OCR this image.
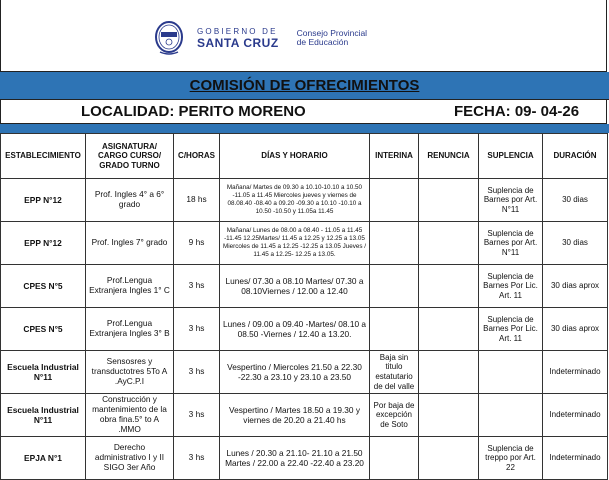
GOBIERNO DE
SANTA CRUZ
Consejo Provincial
de Educación
COMISIÓN DE OFRECIMIENTOS
LOCALIDAD: PERITO MORENO	FECHA: 09- 04-26
ESTABLECIMIENTO	ASIGNATURA/ CARGO CURSO/ GRADO TURNO	C/HORAS	DÍAS Y HORARIO	INTERINA	RENUNCIA	SUPLENCIA	DURACIÓN
EPP N°12	Prof. Ingles 4° a 6° grado	18 hs	Mañana/ Martes de 09.30 a 10.10-10.10 a 10.50 -11.05 a 11.45 Miercoles jueves y viernes de 08.08.40 -08.40 a 09.20 -09.30 a 10.10 -10.10 a 10.50 -10.50 y 11.05a 11.45			Suplencia de Barnes por Art. N°11	30 dias
EPP N°12	Prof. Ingles 7° grado	9 hs	Mañana/ Lunes de 08.00 a 08.40 - 11.05 a 11.45 -11.45 12.25Martes/ 11.45 a 12.25 y 12.25 a 13.05 Miercoles de 11.45 a 12.25 -12.25 a 13.05 Jueves / 11.45 a 12.25- 12.25 a 13.05.			Suplencia de Barnes por Art. N°11	30 dias
CPES N°5	Prof.Lengua Extranjera Ingles 1° C	3 hs	Lunes/ 07.30 a 08.10 Martes/ 07.30 a 08.10Viernes / 12.00 a 12.40			Suplencia de Barnes Por Lic. Art. 11	30 dias aprox
CPES N°5	Prof.Lengua Extranjera Ingles 3° B	3 hs	Lunes / 09.00 a 09.40 -Martes/ 08.10 a 08.50 -Viernes / 12.40 a 13.20.			Suplencia de Barnes Por Lic. Art. 11	30 dias aprox
Escuela Industrial N°11	Sensosres y transductotres 5To A .AyC.P.I	3 hs	Vespertino / Miercoles 21.50 a 22.30 -22.30 a 23.10 y 23.10 a 23.50	Baja sin titulo estatutario de del valle			Indeterminado
Escuela Industrial N°11	Construcción y mantenimiento de la obra fina.5° to A .MMO	3 hs	Vespertino / Martes 18.50 a 19.30 y viernes de 20.20 a 21.40 hs	Por baja de excepción de Soto			Indeterminado
EPJA N°1	Derecho administrativo I y II SIGO 3er Año	3 hs	Lunes / 20.30 a 21.10- 21.10 a 21.50 Martes / 22.00 a 22.40 -22.40 a 23.20			Suplencia de treppo por Art. 22	Indeterminado
